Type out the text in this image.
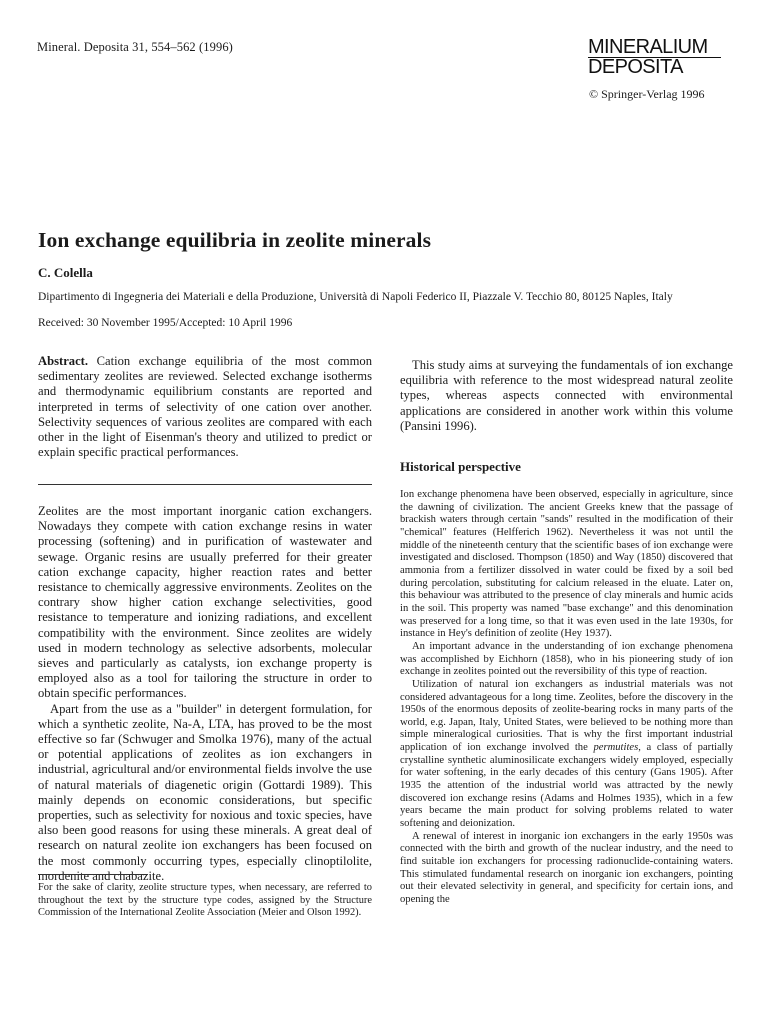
Mineral. Deposita 31, 554–562 (1996)	MINERALIUM
DEPOSITA
© Springer-Verlag 1996
Ion exchange equilibria in zeolite minerals
C. Colella
Dipartimento di Ingegneria dei Materiali e della Produzione, Università di Napoli Federico II, Piazzale V. Tecchio 80, 80125 Naples, Italy
Received: 30 November 1995/Accepted: 10 April 1996

Abstract. Cation exchange equilibria of the most common sedimentary zeolites are reviewed. Selected exchange isotherms and thermodynamic equilibrium constants are reported and interpreted in terms of selectivity of one cation over another. Selectivity sequences of various zeolites are compared with each other in the light of Eisenman's theory and utilized to predict or explain specific practical performances.

Zeolites are the most important inorganic cation exchangers. Nowadays they compete with cation exchange resins in water processing (softening) and in purification of wastewater and sewage. Organic resins are usually preferred for their greater cation exchange capacity, higher reaction rates and better resistance to chemically aggressive environments. Zeolites on the contrary show higher cation exchange selectivities, good resistance to temperature and ionizing radiations, and excellent compatibility with the environment. Since zeolites are widely used in modern technology as selective adsorbents, molecular sieves and particularly as catalysts, ion exchange property is employed also as a tool for tailoring the structure in order to obtain specific performances.

Apart from the use as a "builder" in detergent formulation, for which a synthetic zeolite, Na-A, LTA, has proved to be the most effective so far (Schwuger and Smolka 1976), many of the actual or potential applications of zeolites as ion exchangers in industrial, agricultural and/or environmental fields involve the use of natural materials of diagenetic origin (Gottardi 1989). This mainly depends on economic considerations, but specific properties, such as selectivity for noxious and toxic species, have also been good reasons for using these minerals. A great deal of research on natural zeolite ion exchangers has been focused on the most commonly occurring types, especially clinoptilolite, mordenite and chabazite.

For the sake of clarity, zeolite structure types, when necessary, are referred to throughout the text by the structure type codes, assigned by the Structure Commission of the International Zeolite Association (Meier and Olson 1992).

This study aims at surveying the fundamentals of ion exchange equilibria with reference to the most widespread natural zeolite types, whereas aspects connected with environmental applications are considered in another work within this volume (Pansini 1996).

Historical perspective

Ion exchange phenomena have been observed, especially in agriculture, since the dawning of civilization. The ancient Greeks knew that the passage of brackish waters through certain "sands" resulted in the modification of their "chemical" features (Helfferich 1962). Nevertheless it was not until the middle of the nineteenth century that the scientific bases of ion exchange were investigated and disclosed. Thompson (1850) and Way (1850) discovered that ammonia from a fertilizer dissolved in water could be fixed by a soil bed during percolation, substituting for calcium released in the eluate. Later on, this behaviour was attributed to the presence of clay minerals and humic acids in the soil. This property was named "base exchange" and this denomination was preserved for a long time, so that it was even used in the late 1930s, for instance in Hey's definition of zeolite (Hey 1937).

An important advance in the understanding of ion exchange phenomena was accomplished by Eichhorn (1858), who in his pioneering study of ion exchange in zeolites pointed out the reversibility of this type of reaction.

Utilization of natural ion exchangers as industrial materials was not considered advantageous for a long time. Zeolites, before the discovery in the 1950s of the enormous deposits of zeolite-bearing rocks in many parts of the world, e.g. Japan, Italy, United States, were believed to be nothing more than simple mineralogical curiosities. That is why the first important industrial application of ion exchange involved the permutites, a class of partially crystalline synthetic aluminosilicate exchangers widely employed, especially for water softening, in the early decades of this century (Gans 1905). After 1935 the attention of the industrial world was attracted by the newly discovered ion exchange resins (Adams and Holmes 1935), which in a few years became the main product for solving problems related to water softening and deionization.

A renewal of interest in inorganic ion exchangers in the early 1950s was connected with the birth and growth of the nuclear industry, and the need to find suitable ion exchangers for processing radionuclide-containing waters. This stimulated fundamental research on inorganic ion exchangers, pointing out their elevated selectivity in general, and specificity for certain ions, and opening the
